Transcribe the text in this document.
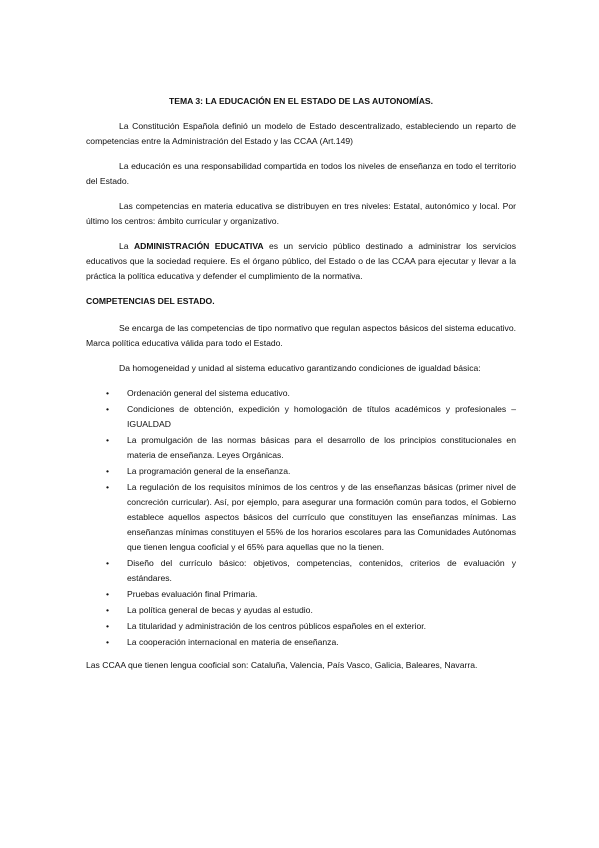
TEMA 3: LA EDUCACIÓN EN EL ESTADO DE LAS AUTONOMÍAS.

La Constitución Española definió un modelo de Estado descentralizado, estableciendo un reparto de competencias entre la Administración del Estado y las CCAA (Art.149)

La educación es una responsabilidad compartida en todos los niveles de enseñanza en todo el territorio del Estado.

Las competencias en materia educativa se distribuyen en tres niveles: Estatal, autonómico y local. Por último los centros: ámbito curricular y organizativo.

La ADMINISTRACIÓN EDUCATIVA es un servicio público destinado a administrar los servicios educativos que la sociedad requiere. Es el órgano público, del Estado o de las CCAA para ejecutar y llevar a la práctica la política educativa y defender el cumplimiento de la normativa.

COMPETENCIAS DEL ESTADO.

Se encarga de las competencias de tipo normativo que regulan aspectos básicos del sistema educativo. Marca política educativa válida para todo el Estado.

Da homogeneidad y unidad al sistema educativo garantizando condiciones de igualdad básica:

• Ordenación general del sistema educativo.
• Condiciones de obtención, expedición y homologación de títulos académicos y profesionales –IGUALDAD
• La promulgación de las normas básicas para el desarrollo de los principios constitucionales en materia de enseñanza. Leyes Orgánicas.
• La programación general de la enseñanza.
• La regulación de los requisitos mínimos de los centros y de las enseñanzas básicas (primer nivel de concreción curricular). Así, por ejemplo, para asegurar una formación común para todos, el Gobierno establece aquellos aspectos básicos del currículo que constituyen las enseñanzas mínimas. Las enseñanzas mínimas constituyen el 55% de los horarios escolares para las Comunidades Autónomas que tienen lengua cooficial y el 65% para aquellas que no la tienen.
• Diseño del currículo básico: objetivos, competencias, contenidos, criterios de evaluación y estándares.
• Pruebas evaluación final Primaria.
• La política general de becas y ayudas al estudio.
• La titularidad y administración de los centros públicos españoles en el exterior.
• La cooperación internacional en materia de enseñanza.

Las CCAA que tienen lengua cooficial son: Cataluña, Valencia, País Vasco, Galicia, Baleares, Navarra.
